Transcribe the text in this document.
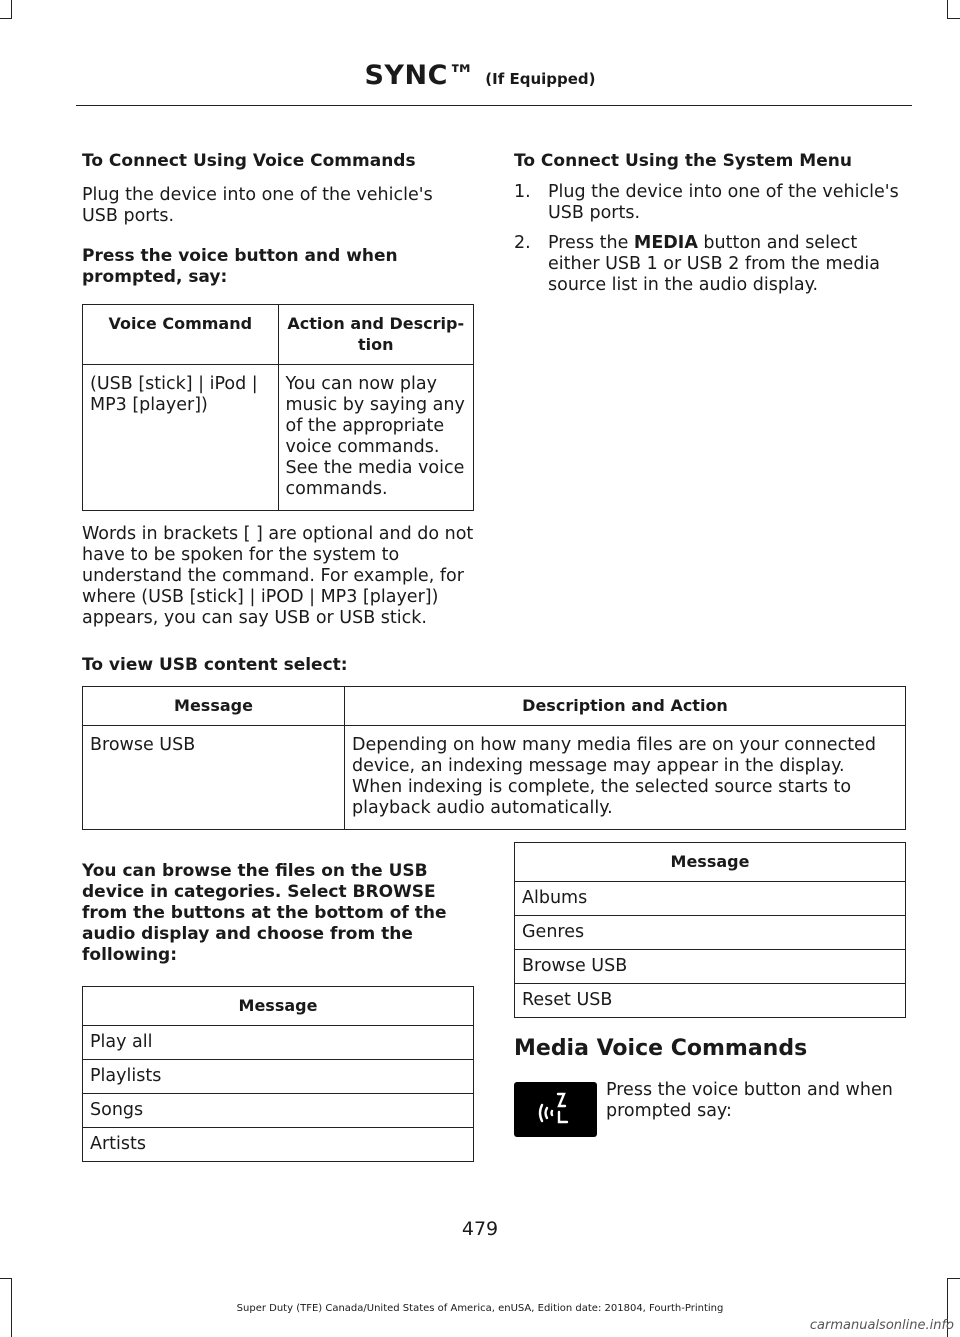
SYNC™ (If Equipped)
To Connect Using Voice Commands

Plug the device into one of the vehicle's USB ports.

Press the voice button and when prompted, say:

Voice Command	Action and Descrip-tion
(USB [stick] | iPod | MP3 [player])	You can now play music by saying any of the appropriate voice commands. See the media voice commands.

Words in brackets [ ] are optional and do not have to be spoken for the system to understand the command. For example, for where (USB [stick] | iPOD | MP3 [player]) appears, you can say USB or USB stick.

To Connect Using the System Menu
1. Plug the device into one of the vehicle's USB ports.
2. Press the MEDIA button and select either USB 1 or USB 2 from the media source list in the audio display.

To view USB content select:

Message	Description and Action
Browse USB	Depending on how many media files are on your connected device, an indexing message may appear in the display. When indexing is complete, the selected source starts to playback audio automatically.

You can browse the files on the USB device in categories. Select BROWSE from the buttons at the bottom of the audio display and choose from the following:

Message
Play all
Playlists
Songs
Artists
Message
Albums
Genres
Browse USB
Reset USB
Media Voice Commands

Press the voice button and when prompted say:

479
Super Duty (TFE) Canada/United States of America, enUSA, Edition date: 201804, Fourth-Printing
carmanualsonline.info
